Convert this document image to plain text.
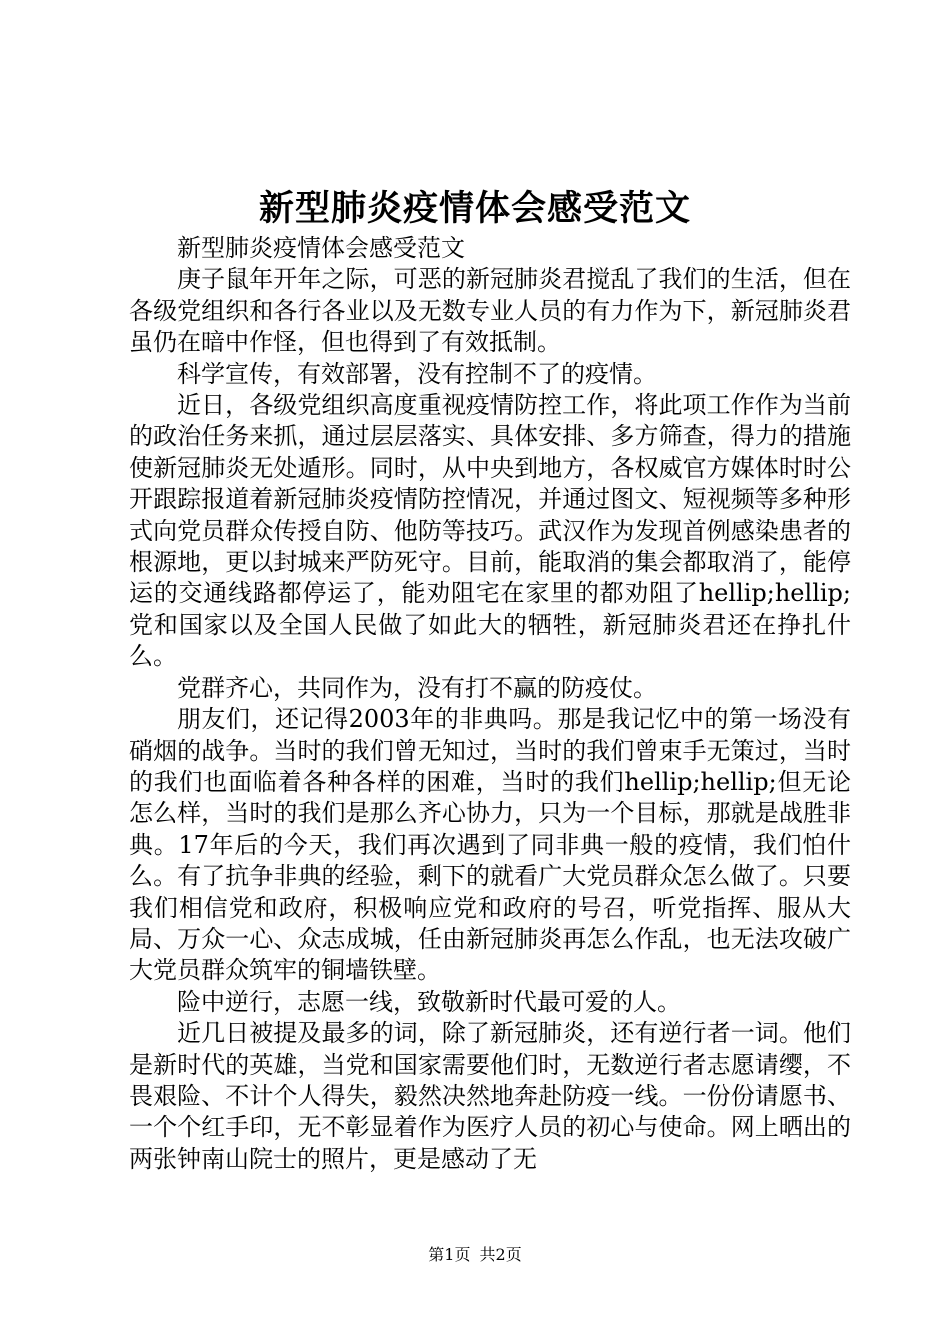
新型肺炎疫情体会感受范文

新型肺炎疫情体会感受范文

庚子鼠年开年之际，可恶的新冠肺炎君搅乱了我们的生活，但在各级党组织和各行各业以及无数专业人员的有力作为下，新冠肺炎君虽仍在暗中作怪，但也得到了有效抵制。

科学宣传，有效部署，没有控制不了的疫情。

近日，各级党组织高度重视疫情防控工作，将此项工作作为当前的政治任务来抓，通过层层落实、具体安排、多方筛查，得力的措施使新冠肺炎无处遁形。同时，从中央到地方，各权威官方媒体时时公开跟踪报道着新冠肺炎疫情防控情况，并通过图文、短视频等多种形式向党员群众传授自防、他防等技巧。武汉作为发现首例感染患者的根源地，更以封城来严防死守。目前，能取消的集会都取消了，能停运的交通线路都停运了，能劝阻宅在家里的都劝阻了hellip;hellip;党和国家以及全国人民做了如此大的牺牲，新冠肺炎君还在挣扎什么。

党群齐心，共同作为，没有打不赢的防疫仗。

朋友们，还记得2003年的非典吗。那是我记忆中的第一场没有硝烟的战争。当时的我们曾无知过，当时的我们曾束手无策过，当时的我们也面临着各种各样的困难，当时的我们hellip;hellip;但无论怎么样，当时的我们是那么齐心协力，只为一个目标，那就是战胜非典。17年后的今天，我们再次遇到了同非典一般的疫情，我们怕什么。有了抗争非典的经验，剩下的就看广大党员群众怎么做了。只要我们相信党和政府，积极响应党和政府的号召，听党指挥、服从大局、万众一心、众志成城，任由新冠肺炎再怎么作乱，也无法攻破广大党员群众筑牢的铜墙铁壁。

险中逆行，志愿一线，致敬新时代最可爱的人。

近几日被提及最多的词，除了新冠肺炎，还有逆行者一词。他们是新时代的英雄，当党和国家需要他们时，无数逆行者志愿请缨，不畏艰险、不计个人得失，毅然决然地奔赴防疫一线。一份份请愿书、一个个红手印，无不彰显着作为医疗人员的初心与使命。网上晒出的两张钟南山院士的照片，更是感动了无

第1页 共2页
